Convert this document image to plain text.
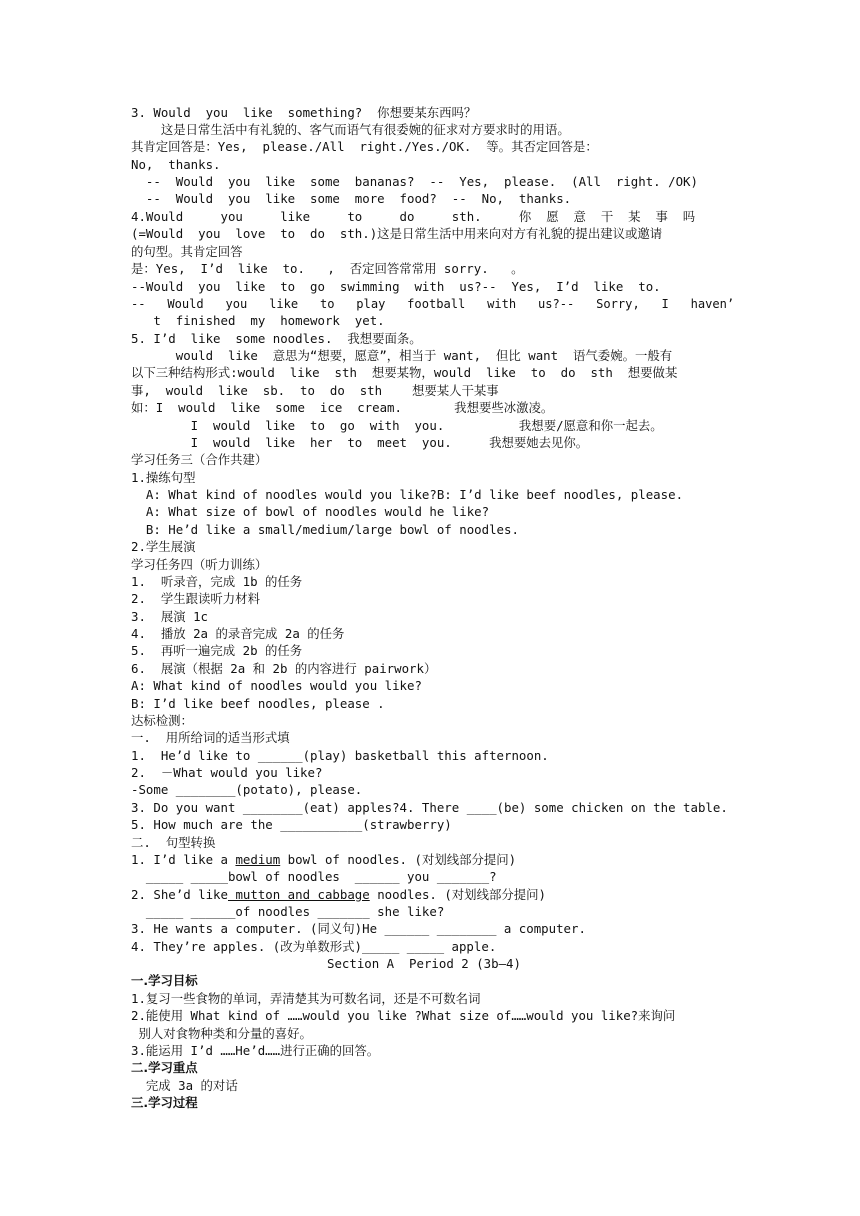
3. Would  you  like  something?  你想要某东西吗？
这是日常生活中有礼貌的、客气而语气有很委婉的征求对方要求时的用语。
其肯定回答是：Yes,  please./All  right./Yes./OK.  等。其否定回答是：
No,  thanks.
--  Would  you  like  some  bananas?  --  Yes,  please.  (All  right. /OK)
--  Would  you  like  some  more  food?  --  No,  thanks.
4.Would     you     like     to     do     sth.     你  愿  意  干  某  事  吗
(=Would  you  love  to  do  sth.)这是日常生活中用来向对方有礼貌的提出建议或邀请
的句型。其肯定回答
是：Yes,  I’d  like  to.   ,  否定回答常常用 sorry.   。
--Would  you  like  to  go  swimming  with  us?--  Yes,  I’d  like  to.
--   Would   you   like   to   play   football   with   us?--   Sorry,   I   haven’
t  finished  my  homework  yet.
5. I’d  like  some noodles.  我想要面条。
would  like  意思为“想要，愿意”，相当于 want,  但比 want  语气委婉。一般有
以下三种结构形式:would  like  sth  想要某物，would  like  to  do  sth  想要做某
事,  would  like  sb.  to  do  sth    想要某人干某事
如：I  would  like  some  ice  cream.       我想要些冰激凌。
I  would  like  to  go  with  you.          我想要/愿意和你一起去。
I  would  like  her  to  meet  you.     我想要她去见你。
学习任务三（合作共建）
1.操练句型
A: What kind of noodles would you like?B: I’d like beef noodles, please.
A: What size of bowl of noodles would he like?
B: He’d like a small/medium/large bowl of noodles.
2.学生展演
学习任务四（听力训练）
1.  听录音，完成 1b 的任务
2.  学生跟读听力材料
3.  展演 1c
4.  播放 2a 的录音完成 2a 的任务
5.  再听一遍完成 2b 的任务
6.  展演（根据 2a 和 2b 的内容进行 pairwork）
A: What kind of noodles would you like?
B: I’d like beef noodles, please .
达标检测：
一.  用所给词的适当形式填
1.  He’d like to ______(play) basketball this afternoon.
2.  －What would you like?
-Some ________(potato), please.
3. Do you want ________(eat) apples?4. There ____(be) some chicken on the table.
5. How much are the ___________(strawberry)
二.  句型转换
1. I’d like a medium bowl of noodles. (对划线部分提问)
_____ _____bowl of noodles  ______ you _______?
2. She’d like mutton and cabbage noodles. (对划线部分提问)
_____ ______of noodles _______ she like?
3. He wants a computer. (同义句)He ______ ________ a computer.
4. They’re apples. (改为单数形式)_____ _____ apple.
Section A  Period 2 (3b—4)
一.学习目标
1.复习一些食物的单词，弄清楚其为可数名词，还是不可数名词
2.能使用 What kind of ……would you like ?What size of……would you like?来询问
别人对食物种类和分量的喜好。
3.能运用 I’d ……He’d……进行正确的回答。
二.学习重点
完成 3a 的对话
三.学习过程
